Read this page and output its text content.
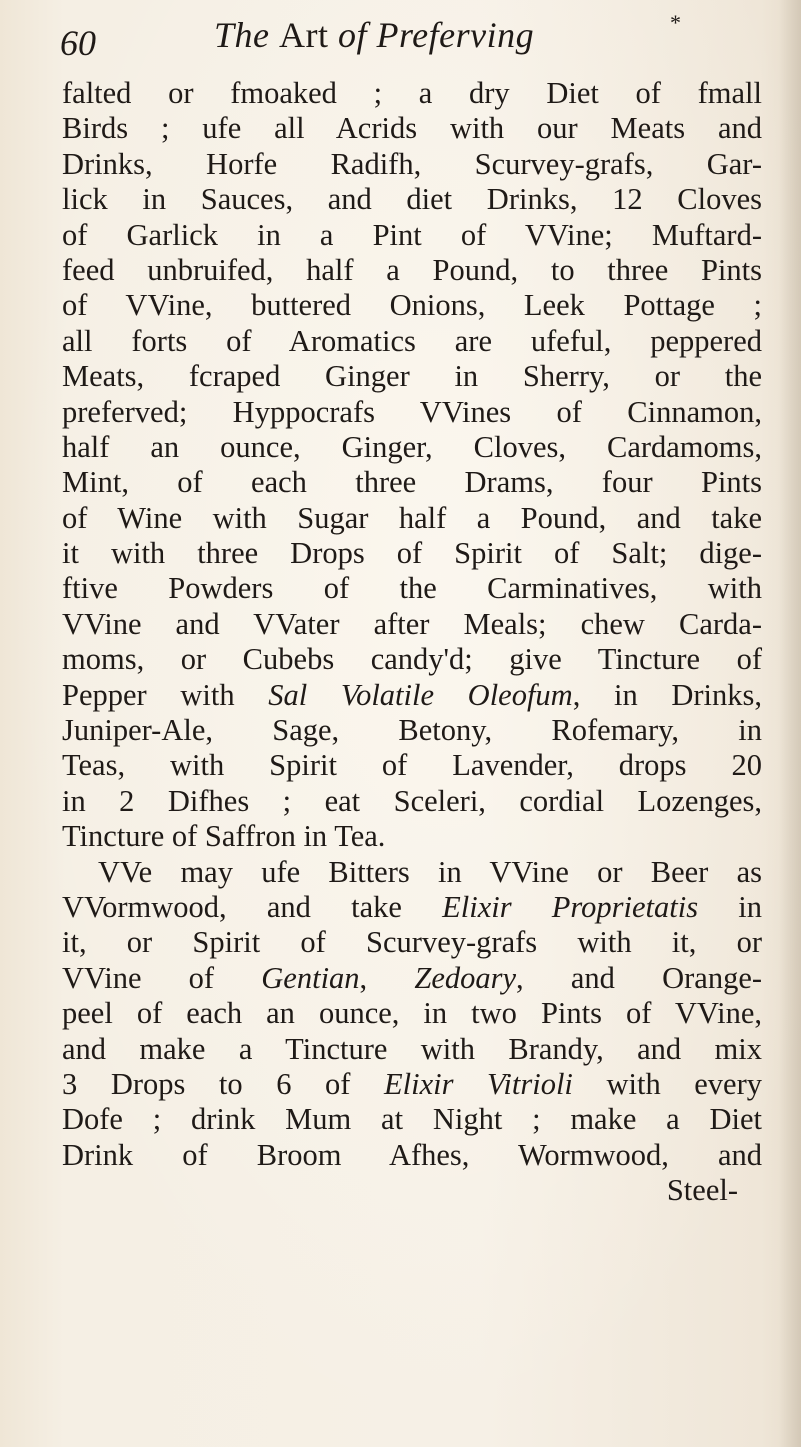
60	The Art of Preferving	*
falted or fmoaked ; a dry Diet of fmall
Birds ; ufe all Acrids with our Meats and
Drinks, Horfe Radifh, Scurvey-grafs, Gar-
lick in Sauces, and diet Drinks, 12 Cloves
of Garlick in a Pint of VVine; Muftard-
feed unbruifed, half a Pound, to three Pints
of VVine, buttered Onions, Leek Pottage ;
all forts of Aromatics are ufeful, peppered
Meats, fcraped Ginger in Sherry, or the
preferved; Hyppocrafs VVines of Cinnamon,
half an ounce, Ginger, Cloves, Cardamoms,
Mint, of each three Drams, four Pints
of Wine with Sugar half a Pound, and take
it with three Drops of Spirit of Salt; dige-
ftive Powders of the Carminatives, with
VVine and VVater after Meals; chew Carda-
moms, or Cubebs candy'd; give Tincture of
Pepper with Sal Volatile Oleofum, in Drinks,
Juniper-Ale, Sage, Betony, Rofemary, in
Teas, with Spirit of Lavender, drops 20
in 2 Difhes ; eat Sceleri, cordial Lozenges,
Tincture of Saffron in Tea.
VVe may ufe Bitters in VVine or Beer as
VVormwood, and take Elixir Proprietatis in
it, or Spirit of Scurvey-grafs with it, or
VVine of Gentian, Zedoary, and Orange-
peel of each an ounce, in two Pints of VVine,
and make a Tincture with Brandy, and mix
3 Drops to 6 of Elixir Vitrioli with every
Dofe ; drink Mum at Night ; make a Diet
Drink of Broom Afhes, Wormwood, and
Steel-
